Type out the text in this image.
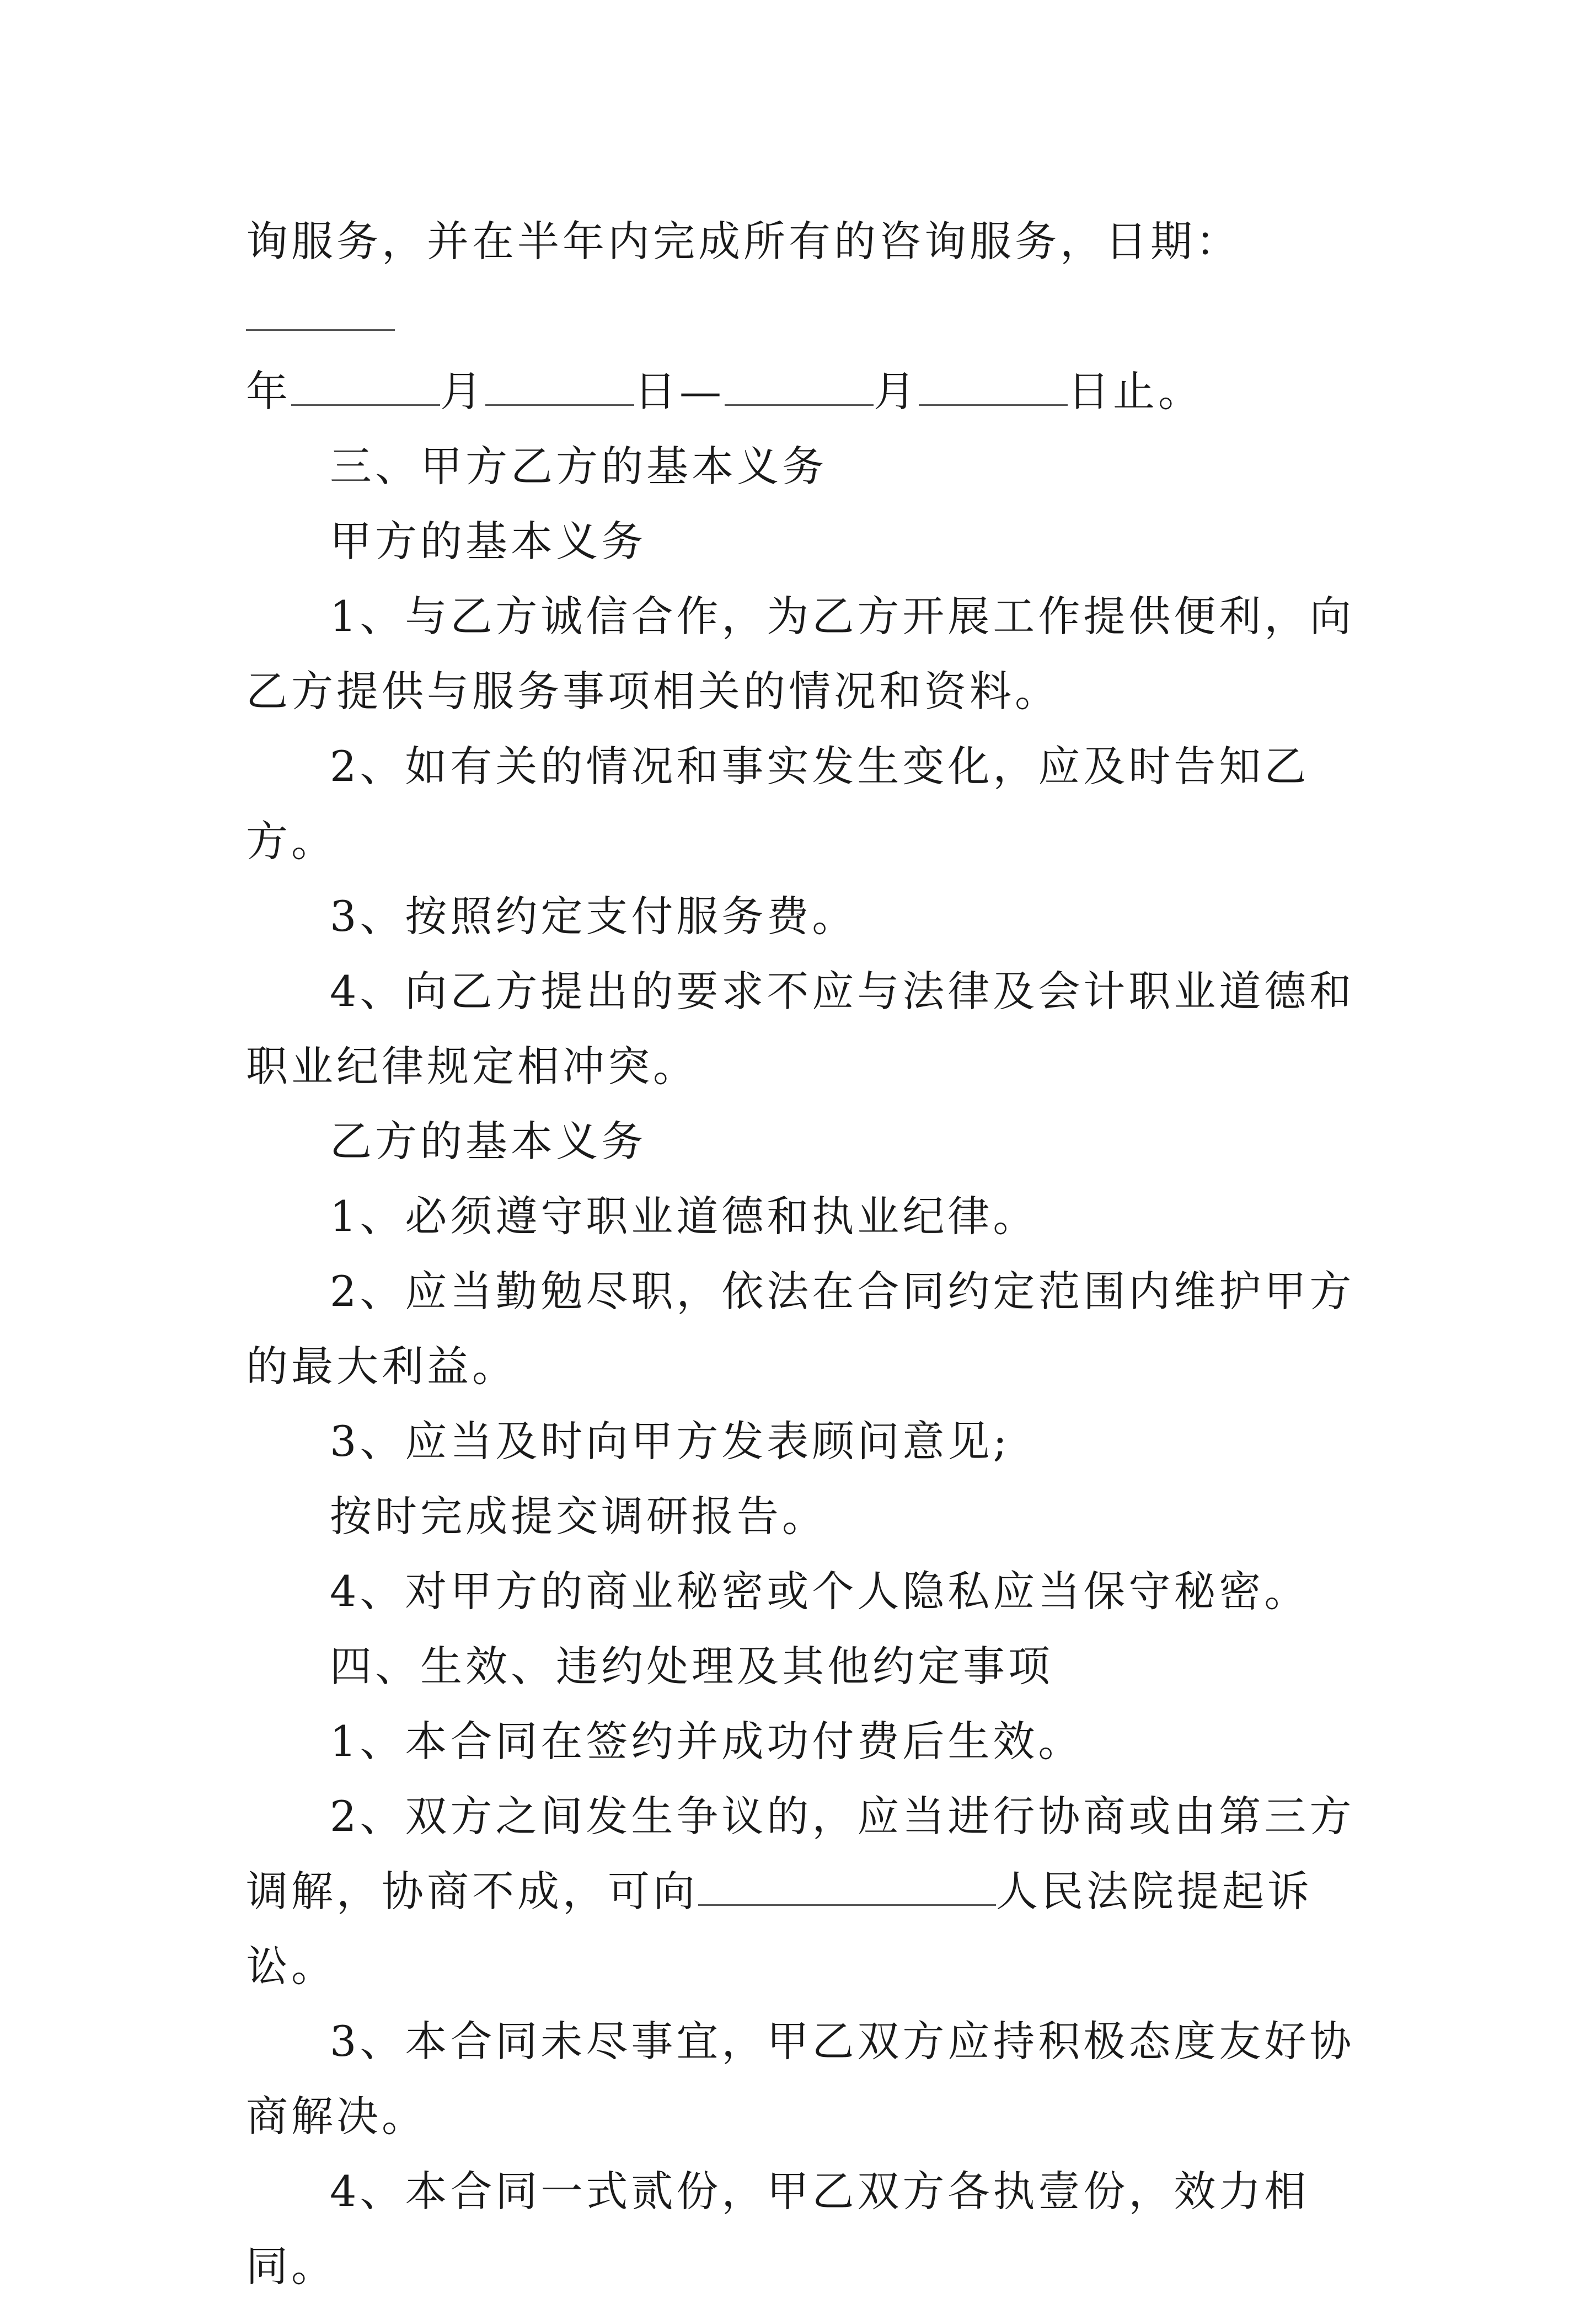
询服务，并在半年内完成所有的咨询服务，日期：
年	月	日—	月	日止。

三、甲方乙方的基本义务

甲方的基本义务

1、与乙方诚信合作，为乙方开展工作提供便利，向乙方提供与服务事项相关的情况和资料。

2、如有关的情况和事实发生变化，应及时告知乙方。

3、按照约定支付服务费。

4、向乙方提出的要求不应与法律及会计职业道德和职业纪律规定相冲突。

乙方的基本义务

1、必须遵守职业道德和执业纪律。

2、应当勤勉尽职，依法在合同约定范围内维护甲方的最大利益。

3、应当及时向甲方发表顾问意见;

按时完成提交调研报告。

4、对甲方的商业秘密或个人隐私应当保守秘密。

四、生效、违约处理及其他约定事项

1、本合同在签约并成功付费后生效。

2、双方之间发生争议的，应当进行协商或由第三方调解，协商不成，可向	人民法院提起诉讼。

3、本合同未尽事宜，甲乙双方应持积极态度友好协商解决。

4、本合同一式贰份，甲乙双方各执壹份，效力相同。
